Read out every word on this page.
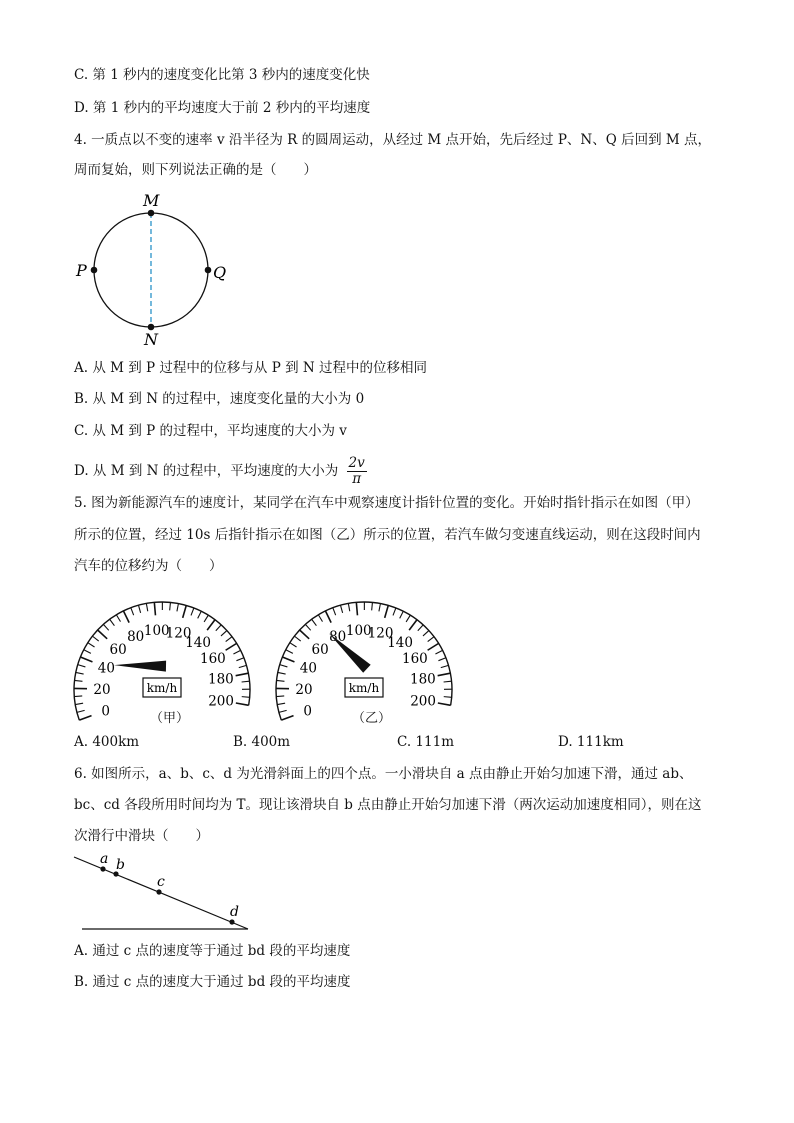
C. 第 1 秒内的速度变化比第 3 秒内的速度变化快
D. 第 1 秒内的平均速度大于前 2 秒内的平均速度
4. 一质点以不变的速率 v 沿半径为 R 的圆周运动，从经过 M 点开始，先后经过 P、N、Q 后回到 M 点，
周而复始，则下列说法正确的是（　　）
M
P	Q
N
A. 从 M 到 P 过程中的位移与从 P 到 N 过程中的位移相同
B. 从 M 到 N 的过程中，速度变化量的大小为 0
C. 从 M 到 P 的过程中，平均速度的大小为 v
D. 从 M 到 N 的过程中，平均速度的大小为 $\frac{2v}{\pi}$
5. 图为新能源汽车的速度计，某同学在汽车中观察速度计指针位置的变化。开始时指针指示在如图（甲）
所示的位置，经过 10s 后指针指示在如图（乙）所示的位置，若汽车做匀变速直线运动，则在这段时间内
汽车的位移约为（　　）
0
20
40
60
80 100
120
140
160
180
200
km/h
（甲）	0
20
40
60
80 100
120
140
160
180
200
km/h
（乙）
A. 400km	B. 400m	C. 111m	D. 111km
6. 如图所示，a、b、c、d 为光滑斜面上的四个点。一小滑块自 a 点由静止开始匀加速下滑，通过 ab、
bc、cd 各段所用时间均为 T。现让该滑块自 b 点由静止开始匀加速下滑（两次运动加速度相同），则在这
次滑行中滑块（　　）
a b
c
d
A. 通过 c 点的速度等于通过 bd 段的平均速度
B. 通过 c 点的速度大于通过 bd 段的平均速度
